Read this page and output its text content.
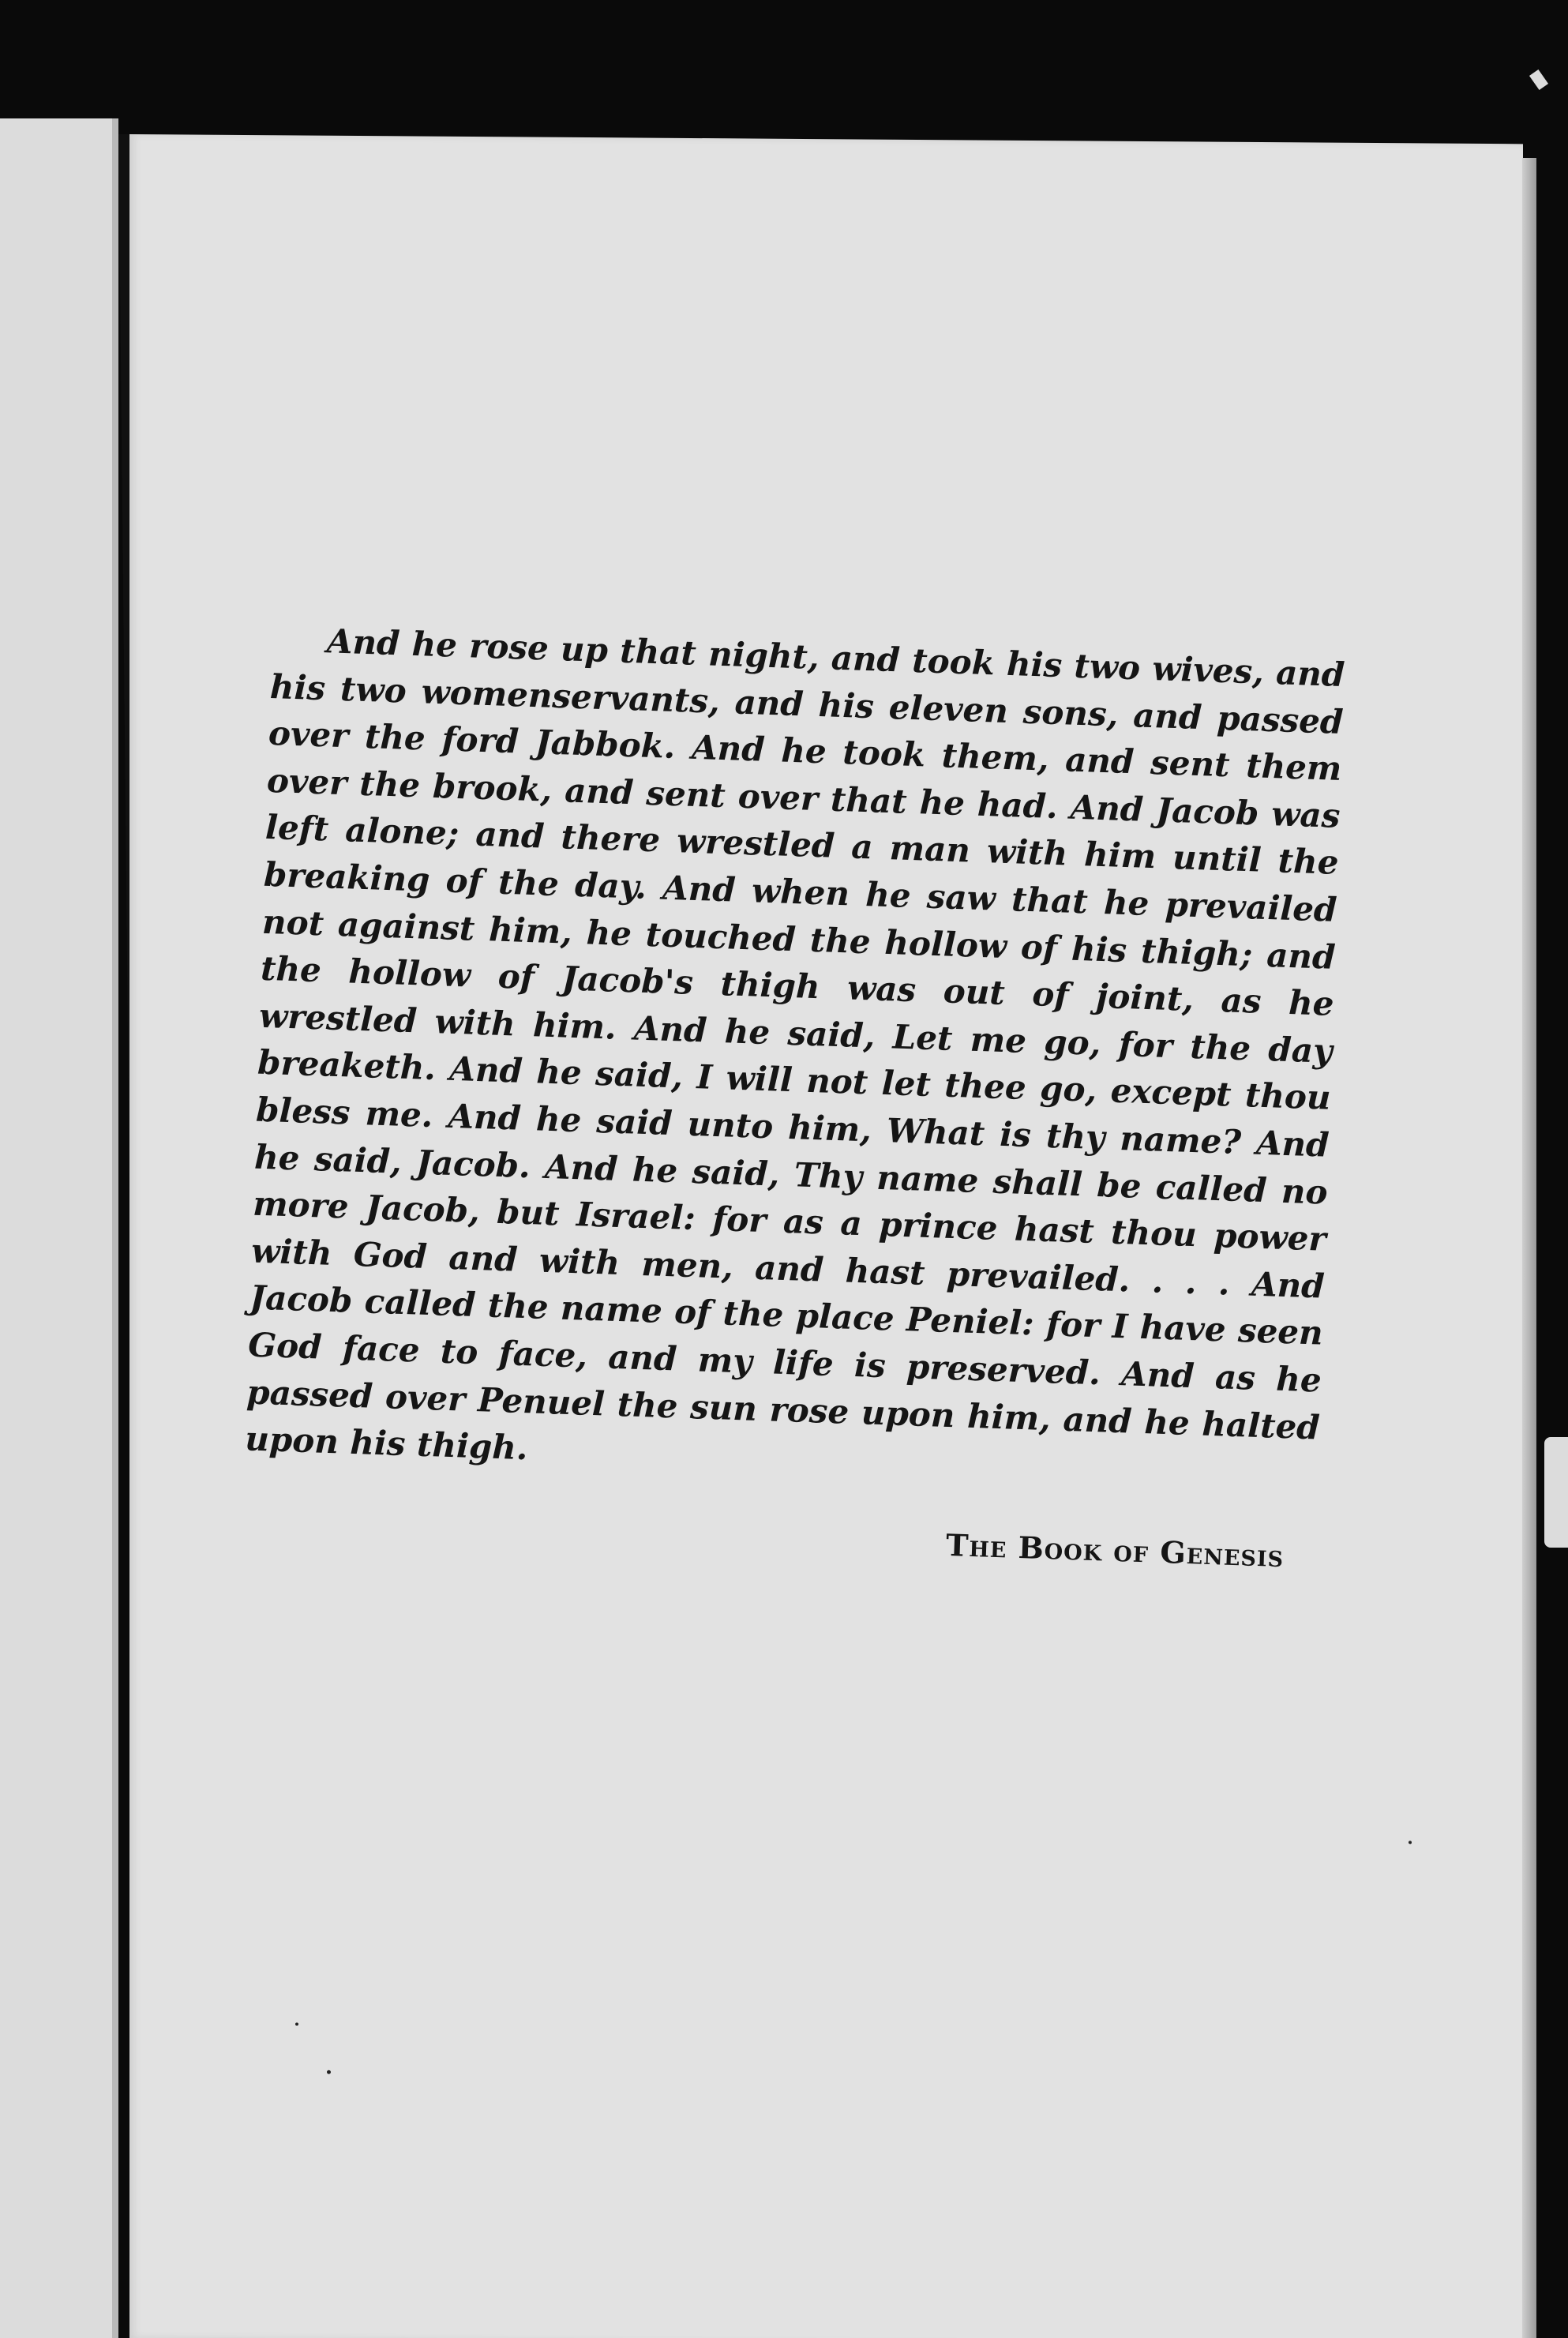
And he rose up that night, and took his two wives, and his two womenservants, and his eleven sons, and passed over the ford Jabbok. And he took them, and sent them over the brook, and sent over that he had. And Jacob was left alone; and there wrestled a man with him until the breaking of the day. And when he saw that he prevailed not against him, he touched the hollow of his thigh; and the hollow of Jacob's thigh was out of joint, as he wrestled with him. And he said, Let me go, for the day breaketh. And he said, I will not let thee go, except thou bless me. And he said unto him, What is thy name? And he said, Jacob. And he said, Thy name shall be called no more Jacob, but Israel: for as a prince hast thou power with God and with men, and hast prevailed. . . . And Jacob called the name of the place Peniel: for I have seen God face to face, and my life is preserved. And as he passed over Penuel the sun rose upon him, and he halted upon his thigh.

The Book of Genesis
